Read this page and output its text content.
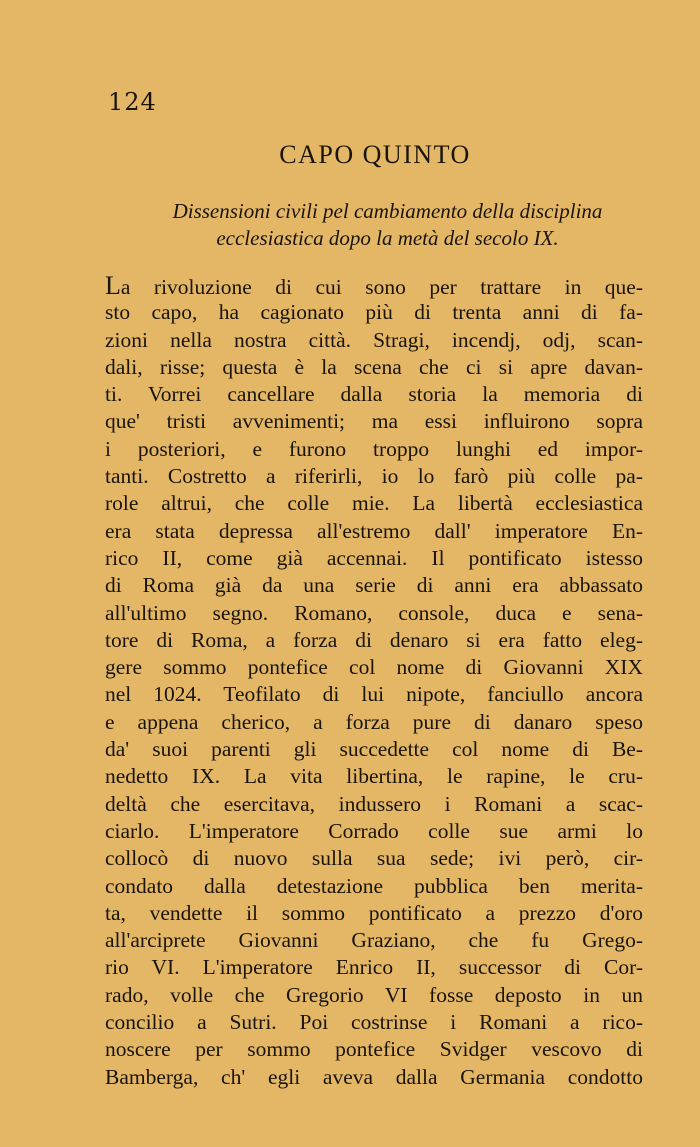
124
CAPO QUINTO
Dissensioni civili pel cambiamento della disciplina
ecclesiastica dopo la metà del secolo IX.
La rivoluzione di cui sono per trattare in que-
sto capo, ha cagionato più di trenta anni di fa-
zioni nella nostra città. Stragi, incendj, odj, scan-
dali, risse; questa è la scena che ci si apre davan-
ti. Vorrei cancellare dalla storia la memoria di
que' tristi avvenimenti; ma essi influirono sopra
i posteriori, e furono troppo lunghi ed impor-
tanti. Costretto a riferirli, io lo farò più colle pa-
role altrui, che colle mie. La libertà ecclesiastica
era stata depressa all'estremo dall' imperatore En-
rico II, come già accennai. Il pontificato istesso
di Roma già da una serie di anni era abbassato
all'ultimo segno. Romano, console, duca e sena-
tore di Roma, a forza di denaro si era fatto eleg-
gere sommo pontefice col nome di Giovanni XIX
nel 1024. Teofilato di lui nipote, fanciullo ancora
e appena cherico, a forza pure di danaro speso
da' suoi parenti gli succedette col nome di Be-
nedetto IX. La vita libertina, le rapine, le cru-
deltà che esercitava, indussero i Romani a scac-
ciarlo. L'imperatore Corrado colle sue armi lo
collocò di nuovo sulla sua sede; ivi però, cir-
condato dalla detestazione pubblica ben merita-
ta, vendette il sommo pontificato a prezzo d'oro
all'arciprete Giovanni Graziano, che fu Grego-
rio VI. L'imperatore Enrico II, successor di Cor-
rado, volle che Gregorio VI fosse deposto in un
concilio a Sutri. Poi costrinse i Romani a rico-
noscere per sommo pontefice Svidger vescovo di
Bamberga, ch' egli aveva dalla Germania condotto
